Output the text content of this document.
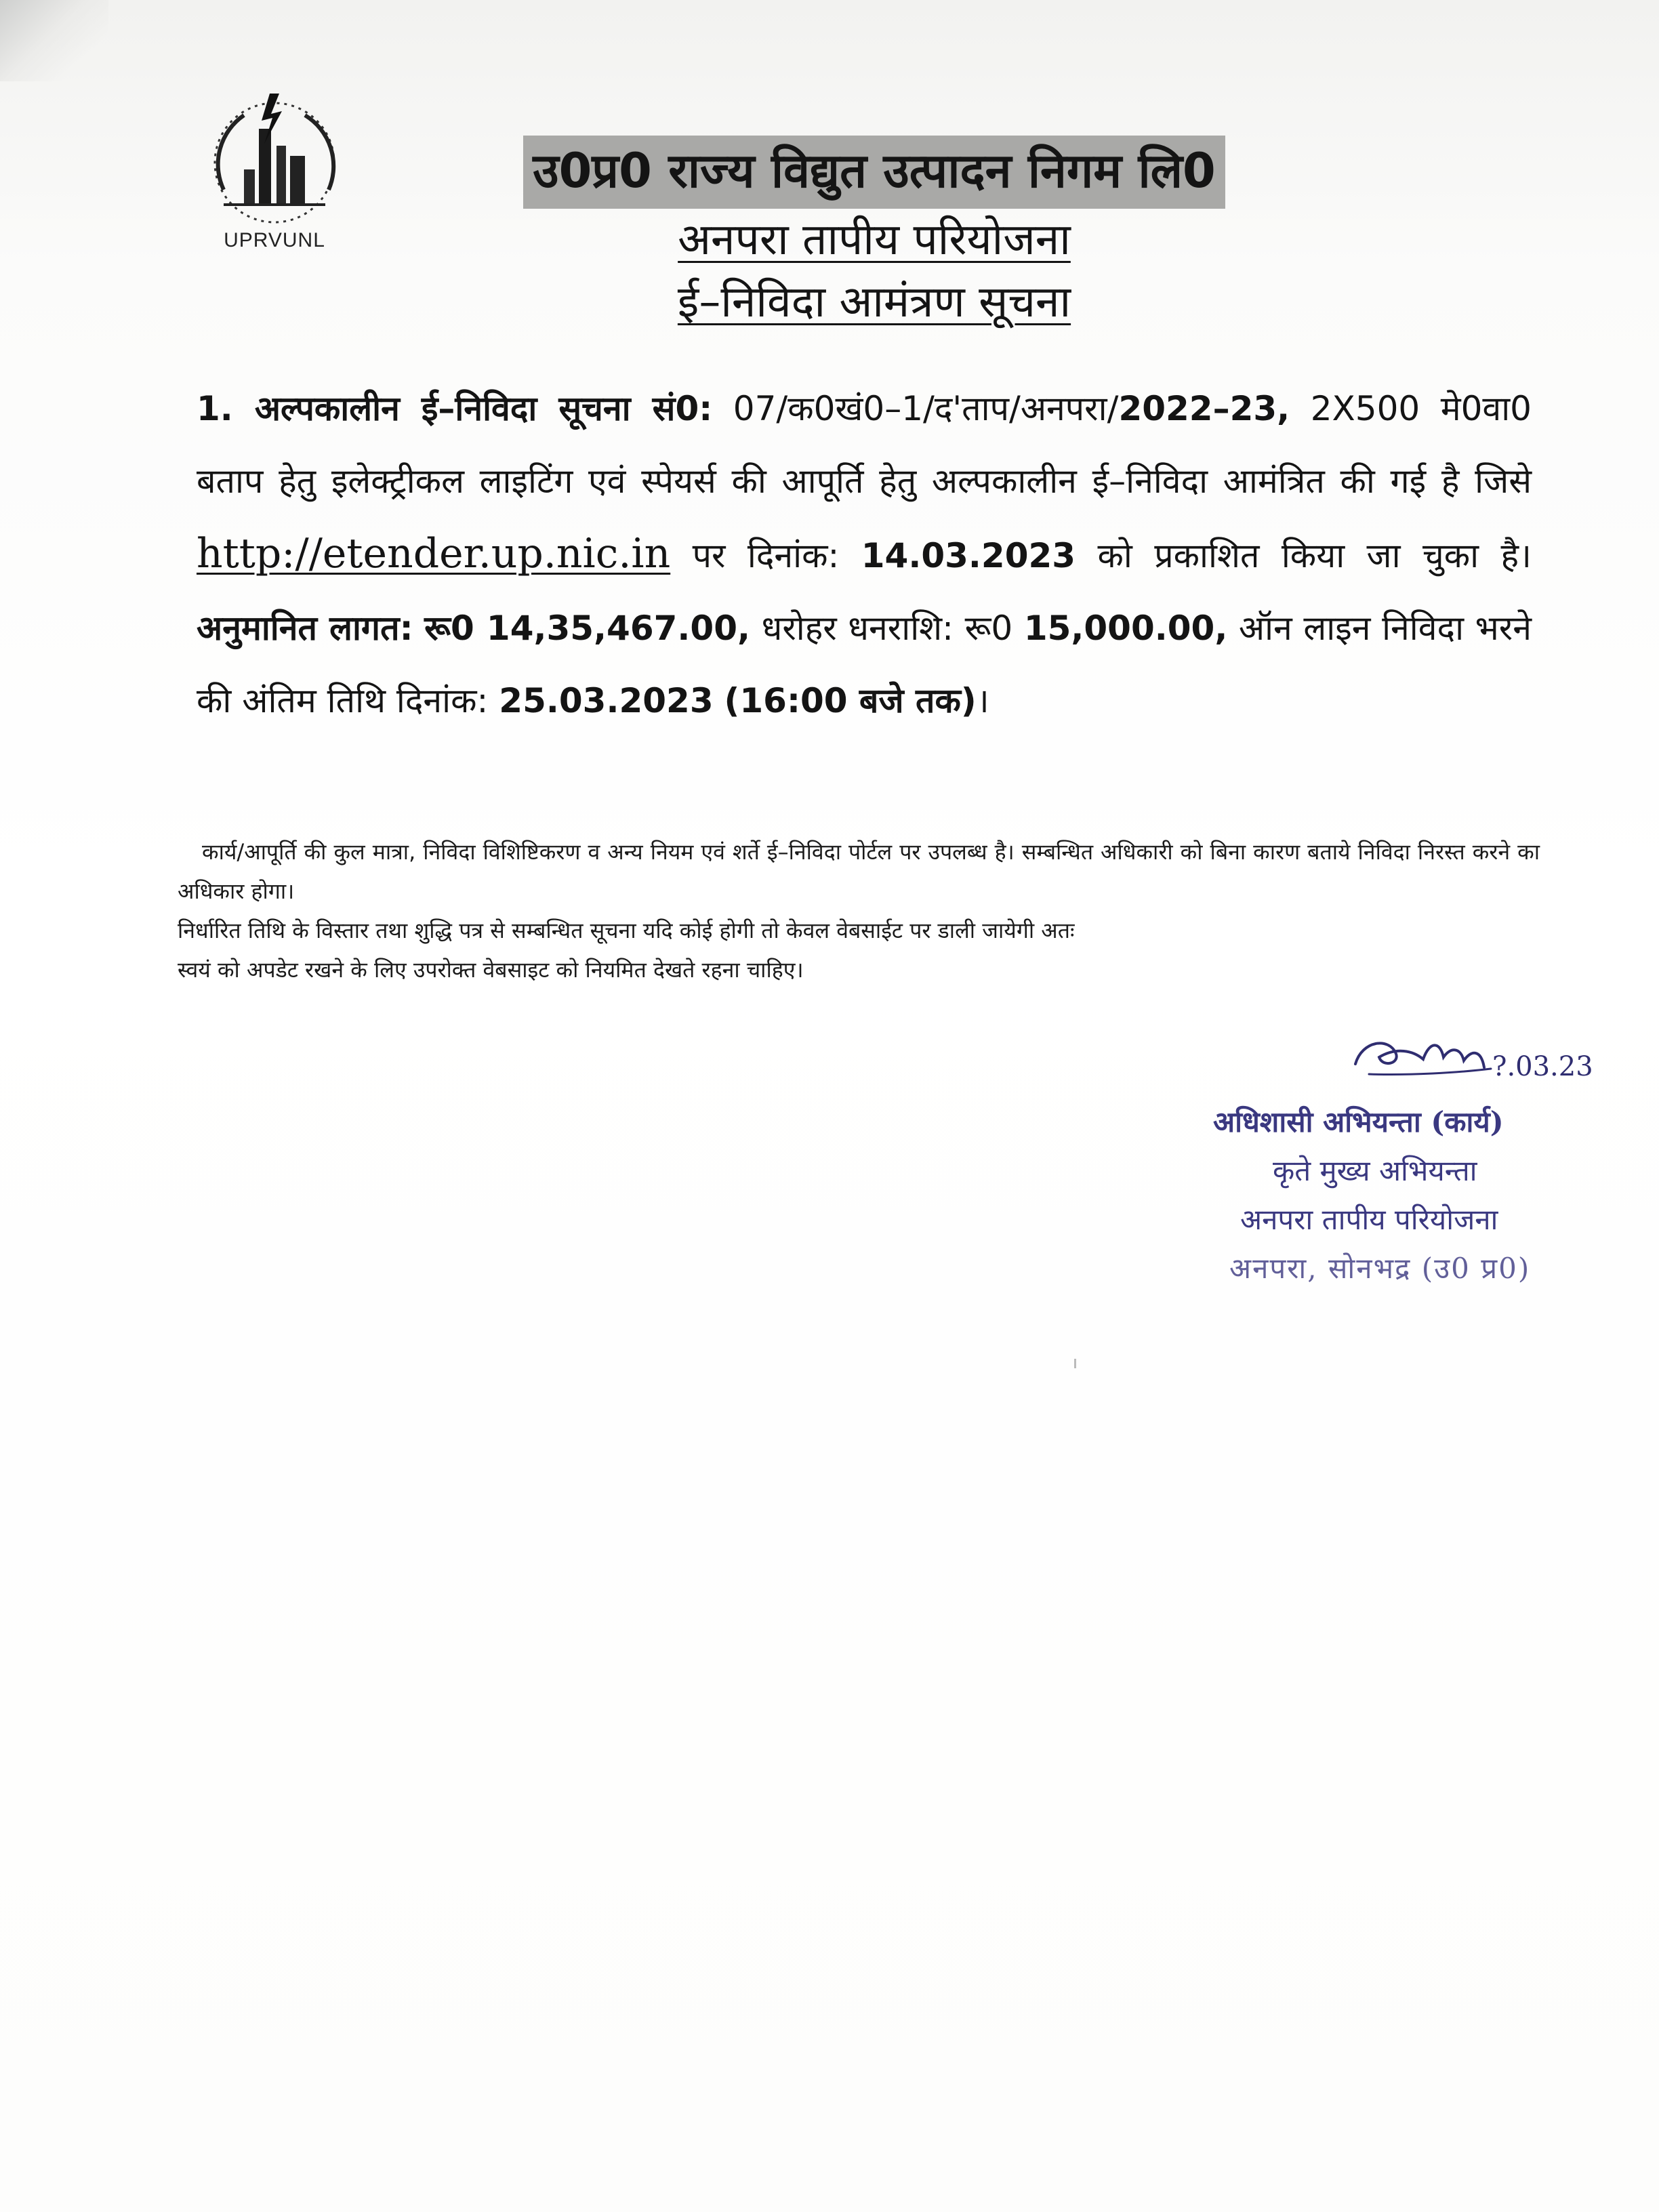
UPRVUNL
उ0प्र0 राज्य विद्युत उत्पादन निगम लि0
अनपरा तापीय परियोजना
ई–निविदा आमंत्रण सूचना
1. अल्पकालीन ई–निविदा सूचना सं0: 07/क0खं0–1/द'ताप/अनपरा/2022–23, 2X500 मे0वा0 बताप हेतु इलेक्ट्रीकल लाइटिंग एवं स्पेयर्स की आपूर्ति हेतु अल्पकालीन ई–निविदा आमंत्रित की गई है जिसे http://etender.up.nic.in पर दिनांक: 14.03.2023 को प्रकाशित किया जा चुका है। अनुमानित लागत: रू0 14,35,467.00, धरोहर धनराशि: रू0 15,000.00, ऑन लाइन निविदा भरने की अंतिम तिथि दिनांक: 25.03.2023 (16:00 बजे तक)।

कार्य/आपूर्ति की कुल मात्रा, निविदा विशिष्टिकरण व अन्य नियम एवं शर्ते ई–निविदा पोर्टल पर उपलब्ध है। सम्बन्धित अधिकारी को बिना कारण बताये निविदा निरस्त करने का अधिकार होगा।

निर्धारित तिथि के विस्तार तथा शुद्धि पत्र से सम्बन्धित सूचना यदि कोई होगी तो केवल वेबसाईट पर डाली जायेगी अतः

स्वयं को अपडेट रखने के लिए उपरोक्त वेबसाइट को नियमित देखते रहना चाहिए।

?.03.23
अधिशासी अभियन्ता (कार्य)
कृते मुख्य अभियन्ता
अनपरा तापीय परियोजना
अनपरा, सोनभद्र (उ0 प्र0)
